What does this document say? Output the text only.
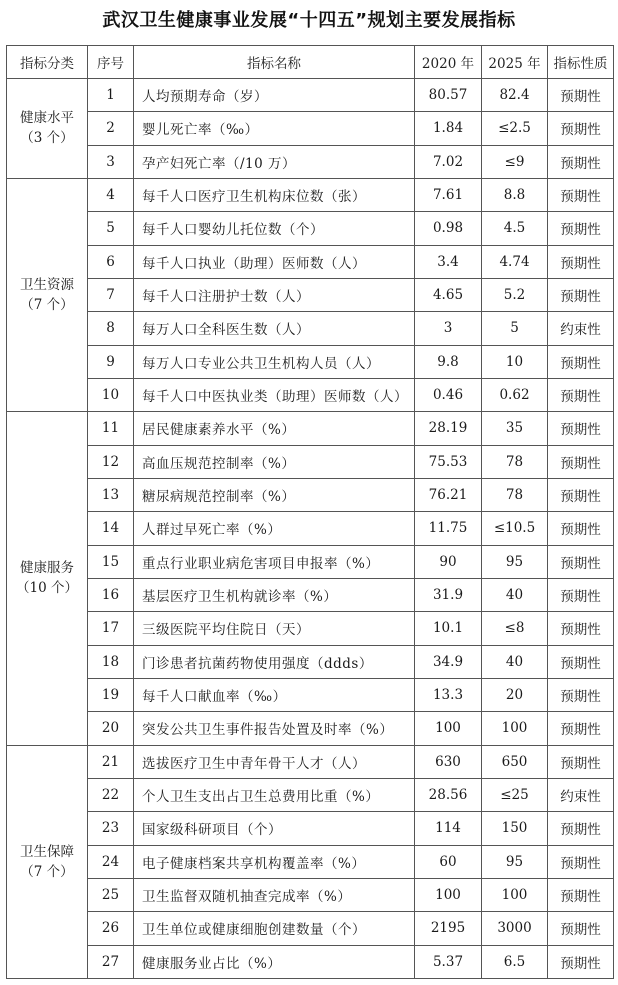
武汉卫生健康事业发展“十四五”规划主要发展指标
指标分类	序号	指标名称	2020 年	2025 年	指标性质

健康水平
（3 个）	1	人均预期寿命（岁）	80.57	82.4	预期性
	2	婴儿死亡率（‰）	1.84	≤2.5	预期性
	3	孕产妇死亡率（/10 万）	7.02	≤9	预期性

卫生资源
（7 个）	4	每千人口医疗卫生机构床位数（张）	7.61	8.8	预期性
	5	每千人口婴幼儿托位数（个）	0.98	4.5	预期性
	6	每千人口执业（助理）医师数（人）	3.4	4.74	预期性
	7	每千人口注册护士数（人）	4.65	5.2	预期性
	8	每万人口全科医生数（人）	3	5	约束性
	9	每万人口专业公共卫生机构人员（人）	9.8	10	预期性
	10	每千人口中医执业类（助理）医师数（人）	0.46	0.62	预期性

健康服务
（10 个）	11	居民健康素养水平（%）	28.19	35	预期性
	12	高血压规范控制率（%）	75.53	78	预期性
	13	糖尿病规范控制率（%）	76.21	78	预期性
	14	人群过早死亡率（%）	11.75	≤10.5	预期性
	15	重点行业职业病危害项目申报率（%）	90	95	预期性
	16	基层医疗卫生机构就诊率（%）	31.9	40	预期性
	17	三级医院平均住院日（天）	10.1	≤8	预期性
	18	门诊患者抗菌药物使用强度（ddds）	34.9	40	预期性
	19	每千人口献血率（‰）	13.3	20	预期性
	20	突发公共卫生事件报告处置及时率（%）	100	100	预期性

卫生保障
（7 个）	21	选拔医疗卫生中青年骨干人才（人）	630	650	预期性
	22	个人卫生支出占卫生总费用比重（%）	28.56	≤25	约束性
	23	国家级科研项目（个）	114	150	预期性
	24	电子健康档案共享机构覆盖率（%）	60	95	预期性
	25	卫生监督双随机抽查完成率（%）	100	100	预期性
	26	卫生单位或健康细胞创建数量（个）	2195	3000	预期性
	27	健康服务业占比（%）	5.37	6.5	预期性
